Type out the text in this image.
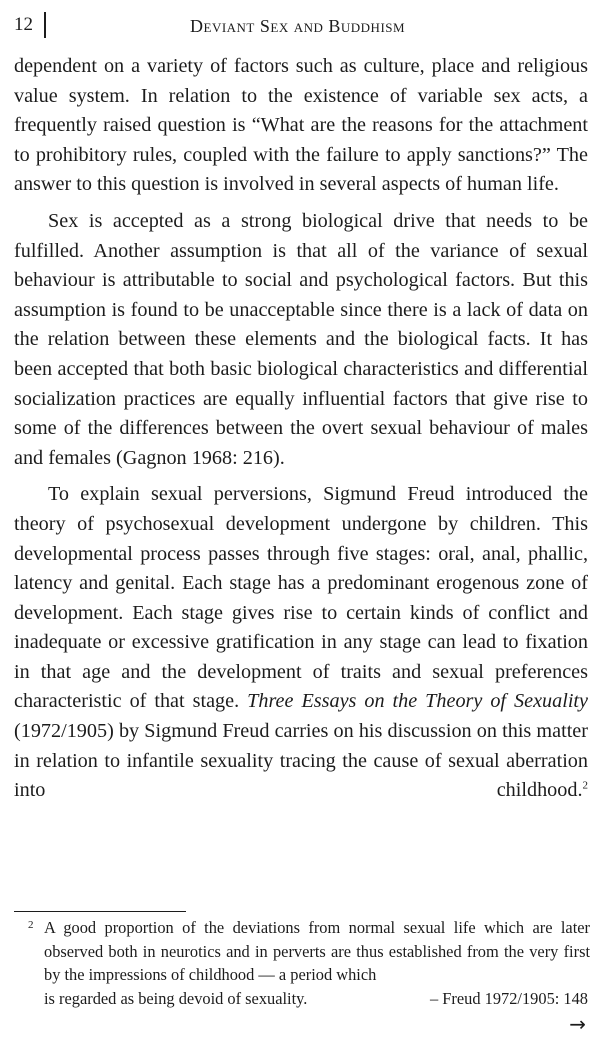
12	Deviant Sex and Buddhism

dependent on a variety of factors such as culture, place and religious value system. In relation to the existence of variable sex acts, a frequently raised question is “What are the reasons for the attachment to prohibitory rules, coupled with the failure to apply sanctions?” The answer to this question is involved in several aspects of human life.

Sex is accepted as a strong biological drive that needs to be fulfilled. Another assumption is that all of the variance of sexual behaviour is attributable to social and psychological factors. But this assumption is found to be unacceptable since there is a lack of data on the relation between these elements and the biological facts. It has been accepted that both basic biological characteristics and differential socialization practices are equally influential factors that give rise to some of the differences between the overt sexual behaviour of males and females (Gagnon 1968: 216).

To explain sexual perversions, Sigmund Freud introduced the theory of psychosexual development undergone by children. This developmental process passes through five stages: oral, anal, phallic, latency and genital. Each stage has a predominant erogenous zone of development. Each stage gives rise to certain kinds of conflict and inadequate or excessive gratification in any stage can lead to fixation in that age and the development of traits and sexual preferences characteristic of that stage. Three Essays on the Theory of Sexuality (1972/1905) by Sigmund Freud carries on his discussion on this matter in relation to infantile sexuality tracing the cause of sexual aberration into childhood.$^2$

2 A good proportion of the deviations from normal sexual life which are later observed both in neurotics and in perverts are thus established from the very first by the impressions of childhood — a period which
is regarded as being devoid of sexuality.	– Freud 1972/1905: 148
→
